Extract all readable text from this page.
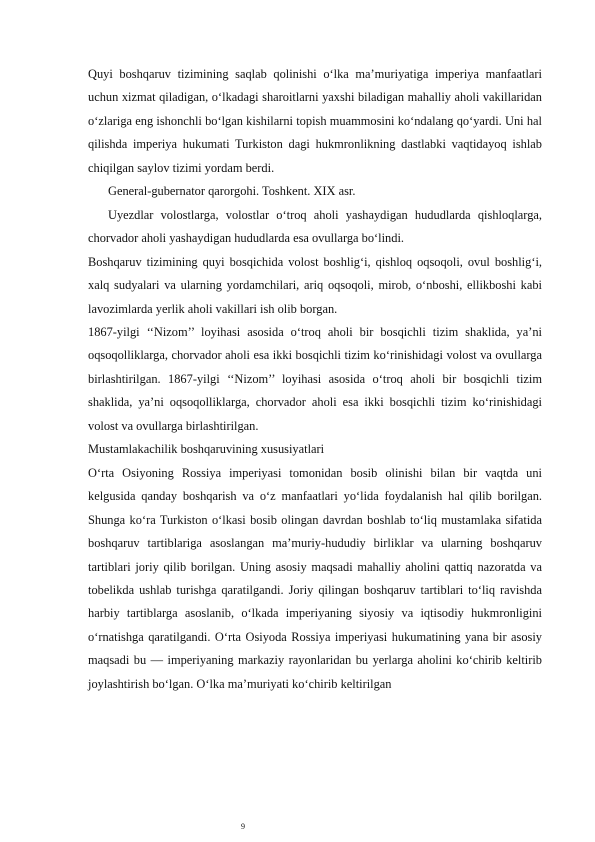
Quyi boshqaruv tizimining saqlab qolinishi o‘lka ma’muriyatiga imperiya manfaatlari uchun xizmat qiladigan, o‘lkadagi sharoitlarni yaxshi biladigan mahalliy aholi vakillaridan o‘zlariga eng ishonchli bo‘lgan kishilarni topish muammosini ko‘ndalang qo‘yardi. Uni hal qilishda imperiya hukumati Turkiston dagi hukmronlikning dastlabki vaqtidayoq ishlab chiqilgan saylov tizimi yordam berdi.

General-gubernator qarorgohi. Toshkent. XIX asr.

Uyezdlar volostlarga, volostlar o‘troq aholi yashaydigan hududlarda qishloqlarga, chorvador aholi yashaydigan hududlarda esa ovullarga bo‘lindi.

Boshqaruv tizimining quyi bosqichida volost boshlig‘i, qishloq oqsoqoli, ovul boshlig‘i, xalq sudyalari va ularning yordamchilari, ariq oqsoqoli, mirob, o‘nboshi, ellikboshi kabi lavozimlarda yerlik aholi vakillari ish olib borgan.

1867-yilgi ‘‘Nizom’’ loyihasi asosida o‘troq aholi bir bosqichli tizim shaklida, ya’ni oqsoqolliklarga, chorvador aholi esa ikki bosqichli tizim ko‘rinishidagi volost va ovullarga birlashtirilgan. 1867-yilgi ‘‘Nizom’’ loyihasi asosida o‘troq aholi bir bosqichli tizim shaklida, ya’ni oqsoqolliklarga, chorvador aholi esa ikki bosqichli tizim ko‘rinishidagi volost va ovullarga birlashtirilgan.

Mustamlakachilik boshqaruvining xususiyatlari

O‘rta Osiyoning Rossiya imperiyasi tomonidan bosib olinishi bilan bir vaqtda uni kelgusida qanday boshqarish va o‘z manfaatlari yo‘lida foydalanish hal qilib borilgan. Shunga ko‘ra Turkiston o‘lkasi bosib olingan davrdan boshlab to‘liq mustamlaka sifatida boshqaruv tartiblariga asoslangan ma’muriy-hududiy birliklar va ularning boshqaruv tartiblari joriy qilib borilgan. Uning asosiy maqsadi mahalliy aholini qattiq nazoratda va tobelikda ushlab turishga qaratilgandi. Joriy qilingan boshqaruv tartiblari to‘liq ravishda harbiy tartiblarga asoslanib, o‘lkada imperiyaning siyosiy va iqtisodiy hukmronligini o‘rnatishga qaratilgandi. O‘rta Osiyoda Rossiya imperiyasi hukumatining yana bir asosiy maqsadi bu — imperiyaning markaziy rayonlaridan bu yerlarga aholini ko‘chirib keltirib joylashtirish bo‘lgan. O‘lka ma’muriyati ko‘chirib keltirilgan

9
